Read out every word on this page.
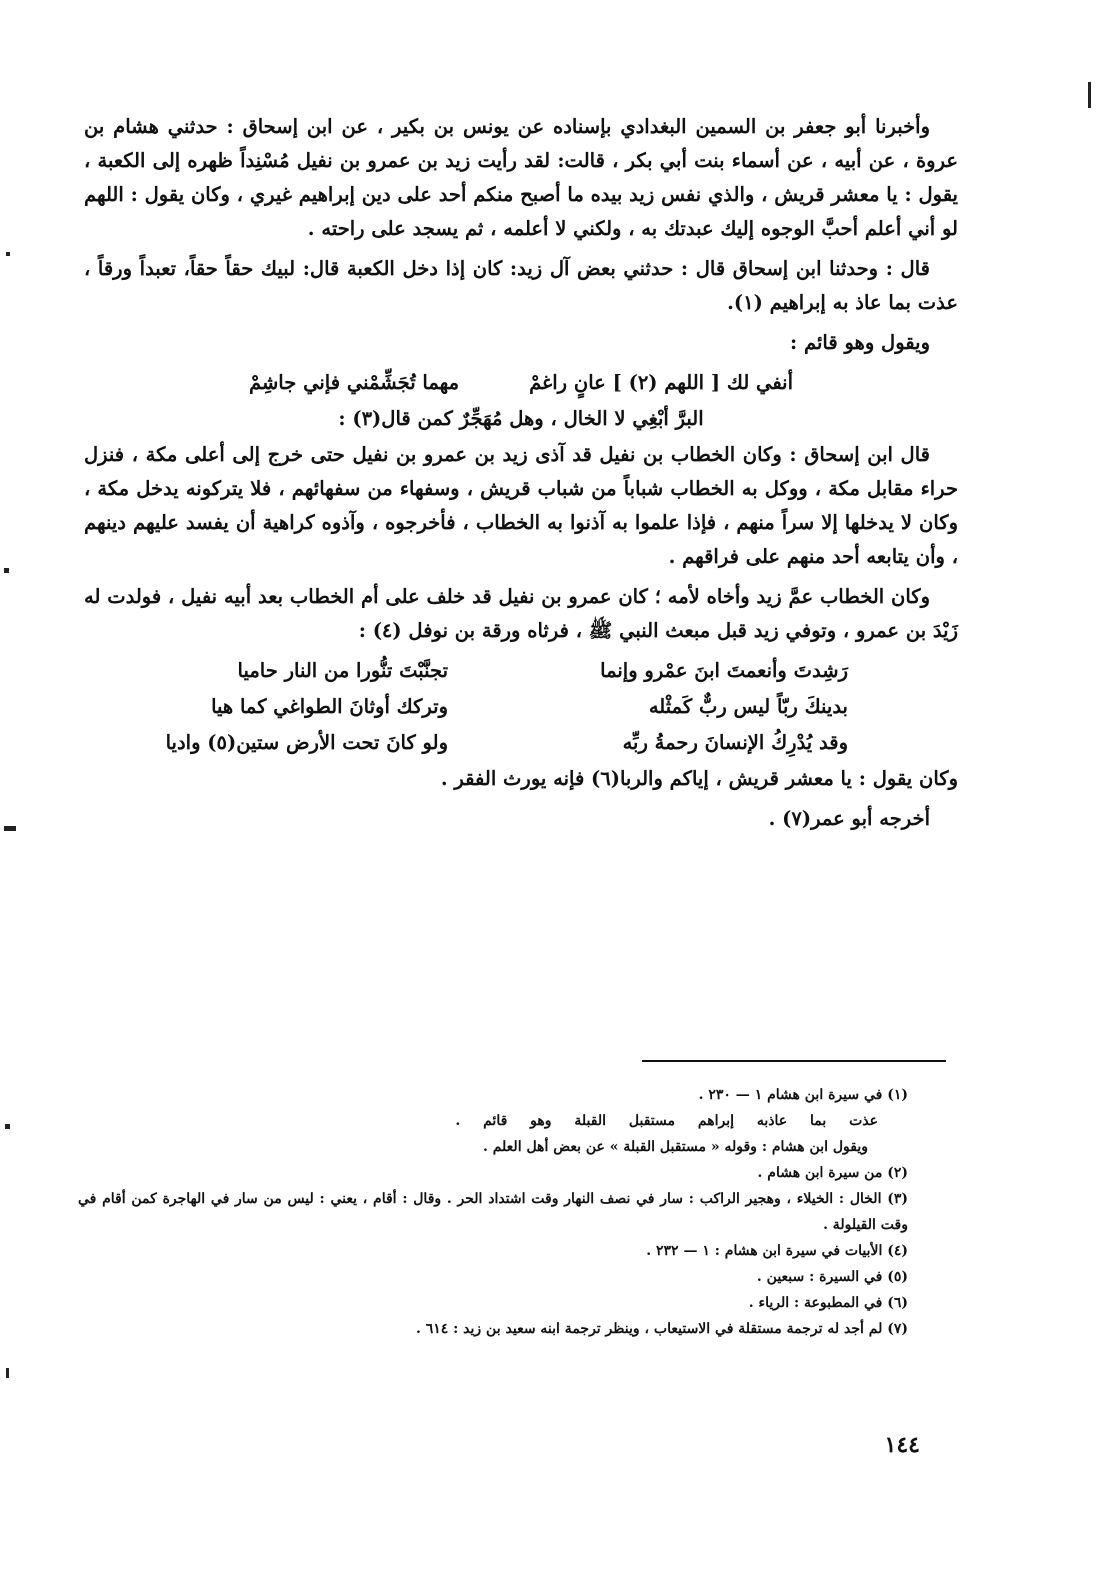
وأخبرنا أبو جعفر بن السمين البغدادي بإسناده عن يونس بن بكير ، عن ابن إسحاق : حدثني هشام بن عروة ، عن أبيه ، عن أسماء بنت أبي بكر ، قالت: لقد رأيت زيد بن عمرو بن نفيل مُسْنِداً ظهره إلى الكعبة ، يقول : يا معشر قريش ، والذي نفس زيد بيده ما أصبح منكم أحد على دين إبراهيم غيري ، وكان يقول : اللهم لو أني أعلم أحبَّ الوجوه إليك عبدتك به ، ولكني لا أعلمه ، ثم يسجد على راحته .

قال : وحدثنا ابن إسحاق قال : حدثني بعض آل زيد: كان إذا دخل الكعبة قال: لبيك حقاً حقاً، تعبداً ورقاً ، عذت بما عاذ به إبراهيم (١).

ويقول وهو قائم :

أنفي لك [ اللهم (٢) ] عانٍ راغمْ
مهما تُجَشِّمْني فإني جاشِمْ
البرَّ أبْغِي لا الخال ، وهل مُهَجِّرٌ كمن قال(٣) :

قال ابن إسحاق : وكان الخطاب بن نفيل قد آذى زيد بن عمرو بن نفيل حتى خرج إلى أعلى مكة ، فنزل حراء مقابل مكة ، ووكل به الخطاب شباباً من شباب قريش ، وسفهاء من سفهائهم ، فلا يتركونه يدخل مكة ، وكان لا يدخلها إلا سراً منهم ، فإذا علموا به آذنوا به الخطاب ، فأخرجوه ، وآذوه كراهية أن يفسد عليهم دينهم ، وأن يتابعه أحد منهم على فراقهم .

وكان الخطاب عمَّ زيد وأخاه لأمه ؛ كان عمرو بن نفيل قد خلف على أم الخطاب بعد أبيه نفيل ، فولدت له زَيْدَ بن عمرو ، وتوفي زيد قبل مبعث النبي ﷺ ، فرثاه ورقة بن نوفل (٤) :

رَشِدتَ وأنعمتَ ابنَ عمْرو وإنما
تجنَّبْتَ تنُّورا من النار حاميا
بدينكَ ربّاً ليس ربٌّ كَمثْله
وتركك أوثانَ الطواغي كما هيا
وقد يُدْرِكُ الإنسانَ رحمةُ ربِّه
ولو كانَ تحت الأرض ستين(٥) واديا

وكان يقول : يا معشر قريش ، إياكم والربا(٦) فإنه يورث الفقر .

أخرجه أبو عمر(٧) .

(١) في سيرة ابن هشام ١ — ٢٣٠ .

عذت بما عاذبه إبراهم مستقبل القبلة وهو قائم .

ويقول ابن هشام : وقوله « مستقبل القبلة » عن بعض أهل العلم .

(٢) من سيرة ابن هشام .

(٣) الخال : الخيلاء ، وهجير الراكب : سار في نصف النهار وقت اشتداد الحر . وقال : أقام ، يعني : ليس من سار في الهاجرة كمن أقام في وقت القيلولة .

(٤) الأبيات في سيرة ابن هشام : ١ — ٢٣٢ .

(٥) في السيرة : سبعين .

(٦) في المطبوعة : الرياء .

(٧) لم أجد له ترجمة مستقلة في الاستيعاب ، وينظر ترجمة ابنه سعيد بن زيد : ٦١٤ .

١٤٤
